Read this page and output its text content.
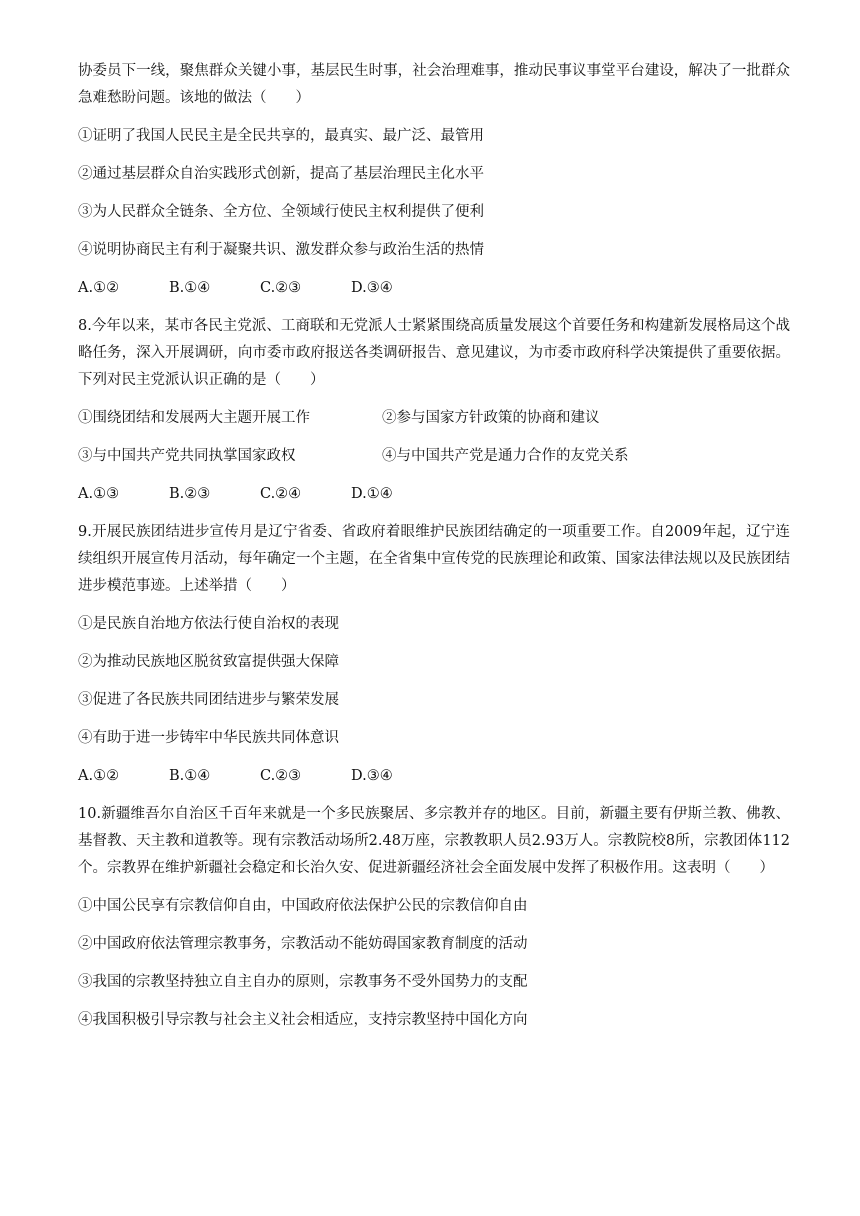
协委员下一线，聚焦群众关键小事，基层民生时事，社会治理难事，推动民事议事堂平台建设，解决了一批群众急难愁盼问题。该地的做法（　　）

①证明了我国人民民主是全民共享的，最真实、最广泛、最管用

②通过基层群众自治实践形式创新，提高了基层治理民主化水平

③为人民群众全链条、全方位、全领域行使民主权利提供了便利

④说明协商民主有利于凝聚共识、激发群众参与政治生活的热情

A.①②	B.①④	C.②③	D.③④

8.今年以来，某市各民主党派、工商联和无党派人士紧紧围绕高质量发展这个首要任务和构建新发展格局这个战略任务，深入开展调研，向市委市政府报送各类调研报告、意见建议，为市委市政府科学决策提供了重要依据。下列对民主党派认识正确的是（　　）

①围绕团结和发展两大主题开展工作	②参与国家方针政策的协商和建议
③与中国共产党共同执掌国家政权	④与中国共产党是通力合作的友党关系
A.①③	B.②③	C.②④	D.①④

9.开展民族团结进步宣传月是辽宁省委、省政府着眼维护民族团结确定的一项重要工作。自2009年起，辽宁连续组织开展宣传月活动，每年确定一个主题，在全省集中宣传党的民族理论和政策、国家法律法规以及民族团结进步模范事迹。上述举措（　　）

①是民族自治地方依法行使自治权的表现

②为推动民族地区脱贫致富提供强大保障

③促进了各民族共同团结进步与繁荣发展

④有助于进一步铸牢中华民族共同体意识

A.①②	B.①④	C.②③	D.③④

10.新疆维吾尔自治区千百年来就是一个多民族聚居、多宗教并存的地区。目前，新疆主要有伊斯兰教、佛教、基督教、天主教和道教等。现有宗教活动场所2.48万座，宗教教职人员2.93万人。宗教院校8所，宗教团体112个。宗教界在维护新疆社会稳定和长治久安、促进新疆经济社会全面发展中发挥了积极作用。这表明（　　）

①中国公民享有宗教信仰自由，中国政府依法保护公民的宗教信仰自由

②中国政府依法管理宗教事务，宗教活动不能妨碍国家教育制度的活动

③我国的宗教坚持独立自主自办的原则，宗教事务不受外国势力的支配

④我国积极引导宗教与社会主义社会相适应，支持宗教坚持中国化方向
